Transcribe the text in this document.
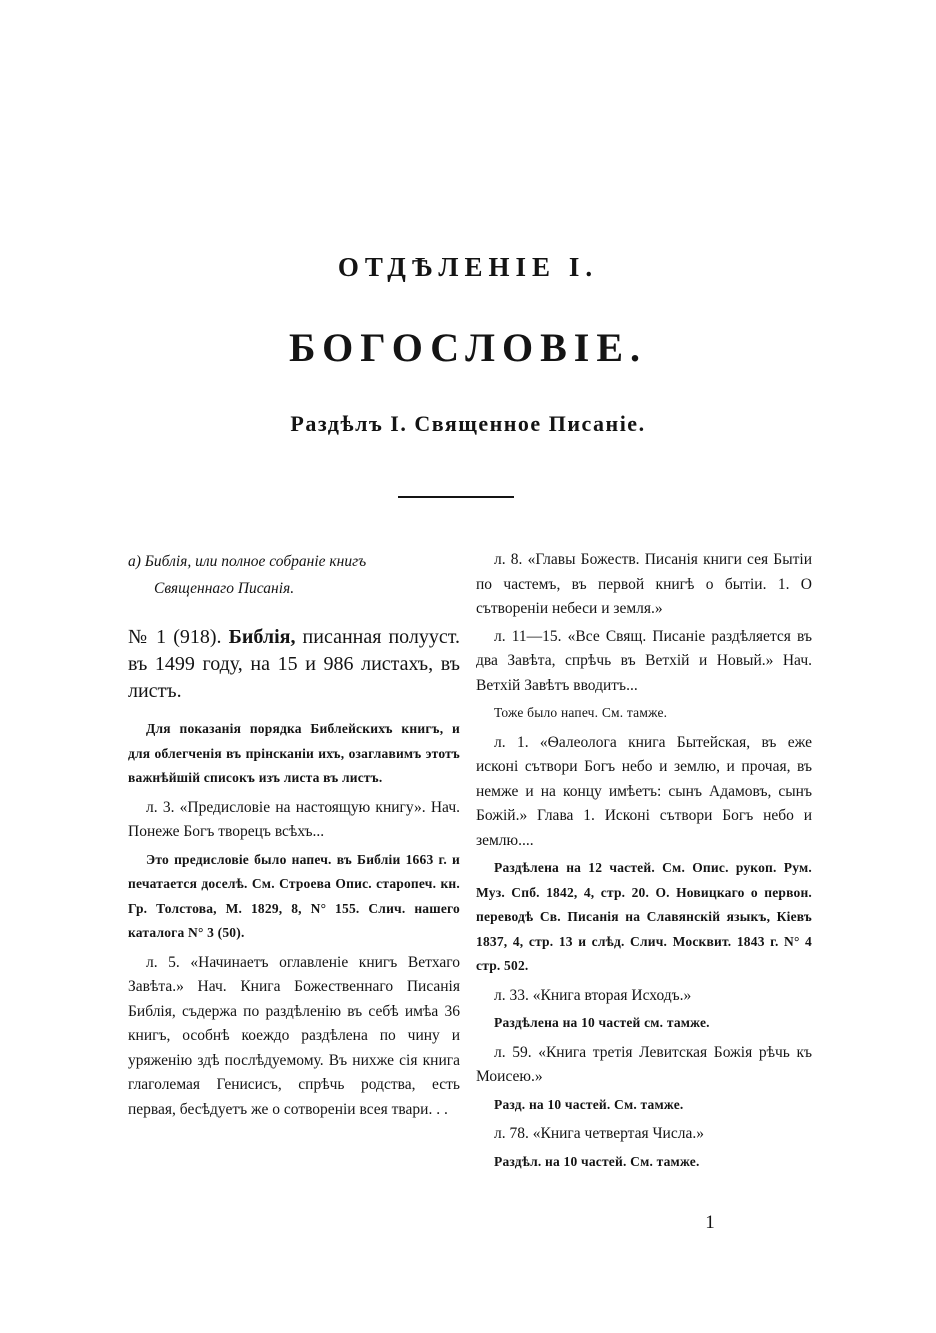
ОТДѢЛЕНІЕ I.
БОГОСЛОВІЕ.
Раздѣлъ I. Священное Писаніе.
а) Библія, или полное собраніе книгъ
Священнаго Писанія.

№ 1 (918). Библія, писанная полууст. въ 1499 году, на 15 и 986 листахъ, въ листъ.

Для показанія порядка Библейскихъ книгъ, и для облегченія въ прінсканіи ихъ, озаглавимъ этотъ важнѣйшій списокъ изъ листа въ листъ.

л. 3. «Предисловіе на настоящую книгу». Нач. Понеже Богъ творецъ всѣхъ...

Это предисловіе было напеч. въ Библіи 1663 г. и печатается доселѣ. См. Строева Опис. старопеч. кн. Гр. Толстова, М. 1829, 8, N° 155. Слич. нашего каталога N° 3 (50).

л. 5. «Начинаетъ оглавленіе книгъ Ветхаго Завѣта.» Нач. Книга Божественнаго Писанія Библія, съдержа по раздѣленію въ себѣ имѣа 36 книгъ, особнѣ коеждо раздѣлена по чину и уряженію здѣ послѣдуемому. Въ нихже сія книга глаголемая Генисисъ, спрѣчь родства, есть первая, бесѣдуетъ же о сотвореніи всея твари. . .

л. 8. «Главы Божеств. Писанія книги сея Бытіи по частемъ, въ первой книгѣ о бытіи. 1. О сътвореніи небеси и земля.»

л. 11—15. «Все Свящ. Писаніе раздѣляется въ два Завѣта, спрѣчь въ Ветхій и Новый.» Нач. Ветхій Завѣтъ вводитъ...

Тоже было напеч. См. тамже.

л. 1. «Ѳалеолога книга Бытейская, въ еже исконі сътвори Богъ небо и землю, и прочая, въ немже и на концу имѣетъ: сынъ Адамовъ, сынъ Божій.» Глава 1. Исконі сътвори Богъ небо и землю....

Раздѣлена на 12 частей. См. Опис. рукоп. Рум. Муз. Спб. 1842, 4, стр. 20. О. Новицкаго о первон. переводѣ Св. Писанія на Славянскій языкъ, Кіевъ 1837, 4, стр. 13 и слѣд. Слич. Москвит. 1843 г. N° 4 стр. 502.

л. 33. «Книга вторая Исходъ.»

Раздѣлена на 10 частей см. тамже.

л. 59. «Книга третія Левитская Божія рѣчь къ Моисею.»

Разд. на 10 частей. См. тамже.

л. 78. «Книга четвертая Числа.»

Раздѣл. на 10 частей. См. тамже.

1
